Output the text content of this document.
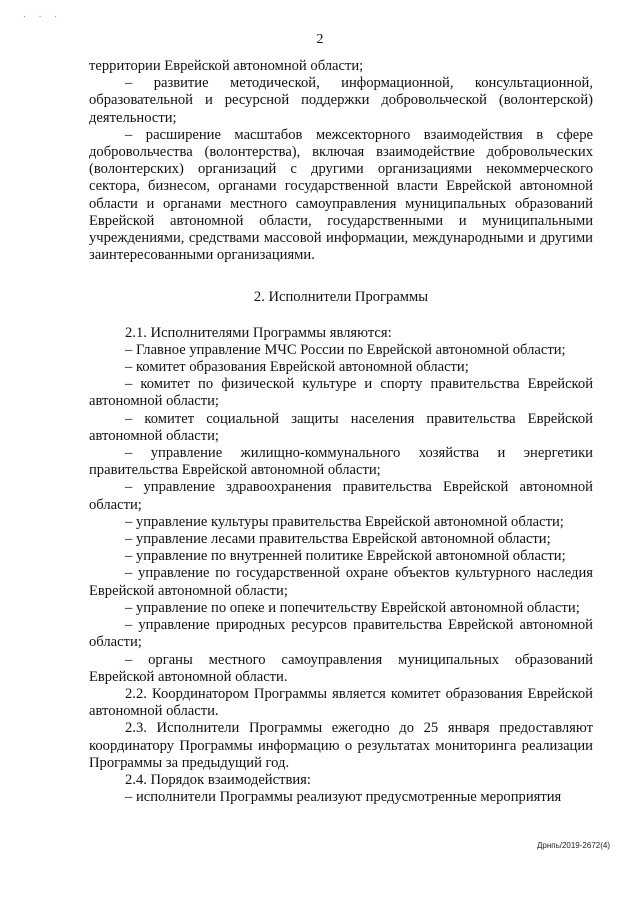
· · ·
2

территории Еврейской автономной области;

– развитие методической, информационной, консультационной, образовательной и ресурсной поддержки добровольческой (волонтерской) деятельности;

– расширение масштабов межсекторного взаимодействия в сфере добровольчества (волонтерства), включая взаимодействие добровольческих (волонтерских) организаций с другими организациями некоммерческого сектора, бизнесом, органами государственной власти Еврейской автономной области и органами местного самоуправления муниципальных образований Еврейской автономной области, государственными и муниципальными учреждениями, средствами массовой информации, международными и другими заинтересованными организациями.

2. Исполнители Программы

2.1. Исполнителями Программы являются:

– Главное управление МЧС России по Еврейской автономной области;

– комитет образования Еврейской автономной области;

– комитет по физической культуре и спорту правительства Еврейской автономной области;

– комитет социальной защиты населения правительства Еврейской автономной области;

– управление жилищно-коммунального хозяйства и энергетики правительства Еврейской автономной области;

– управление здравоохранения правительства Еврейской автономной области;

– управление культуры правительства Еврейской автономной области;

– управление лесами правительства Еврейской автономной области;

– управление по внутренней политике Еврейской автономной области;

– управление по государственной охране объектов культурного наследия Еврейской автономной области;

– управление по опеке и попечительству Еврейской автономной области;

– управление природных ресурсов правительства Еврейской автономной области;

– органы местного самоуправления муниципальных образований Еврейской автономной области.

2.2. Координатором Программы является комитет образования Еврейской автономной области.

2.3. Исполнители Программы ежегодно до 25 января предоставляют координатору Программы информацию о результатах мониторинга реализации Программы за предыдущий год.

2.4. Порядок взаимодействия:

– исполнители Программы реализуют предусмотренные мероприятия

Дрнпь/2019-2672(4)
